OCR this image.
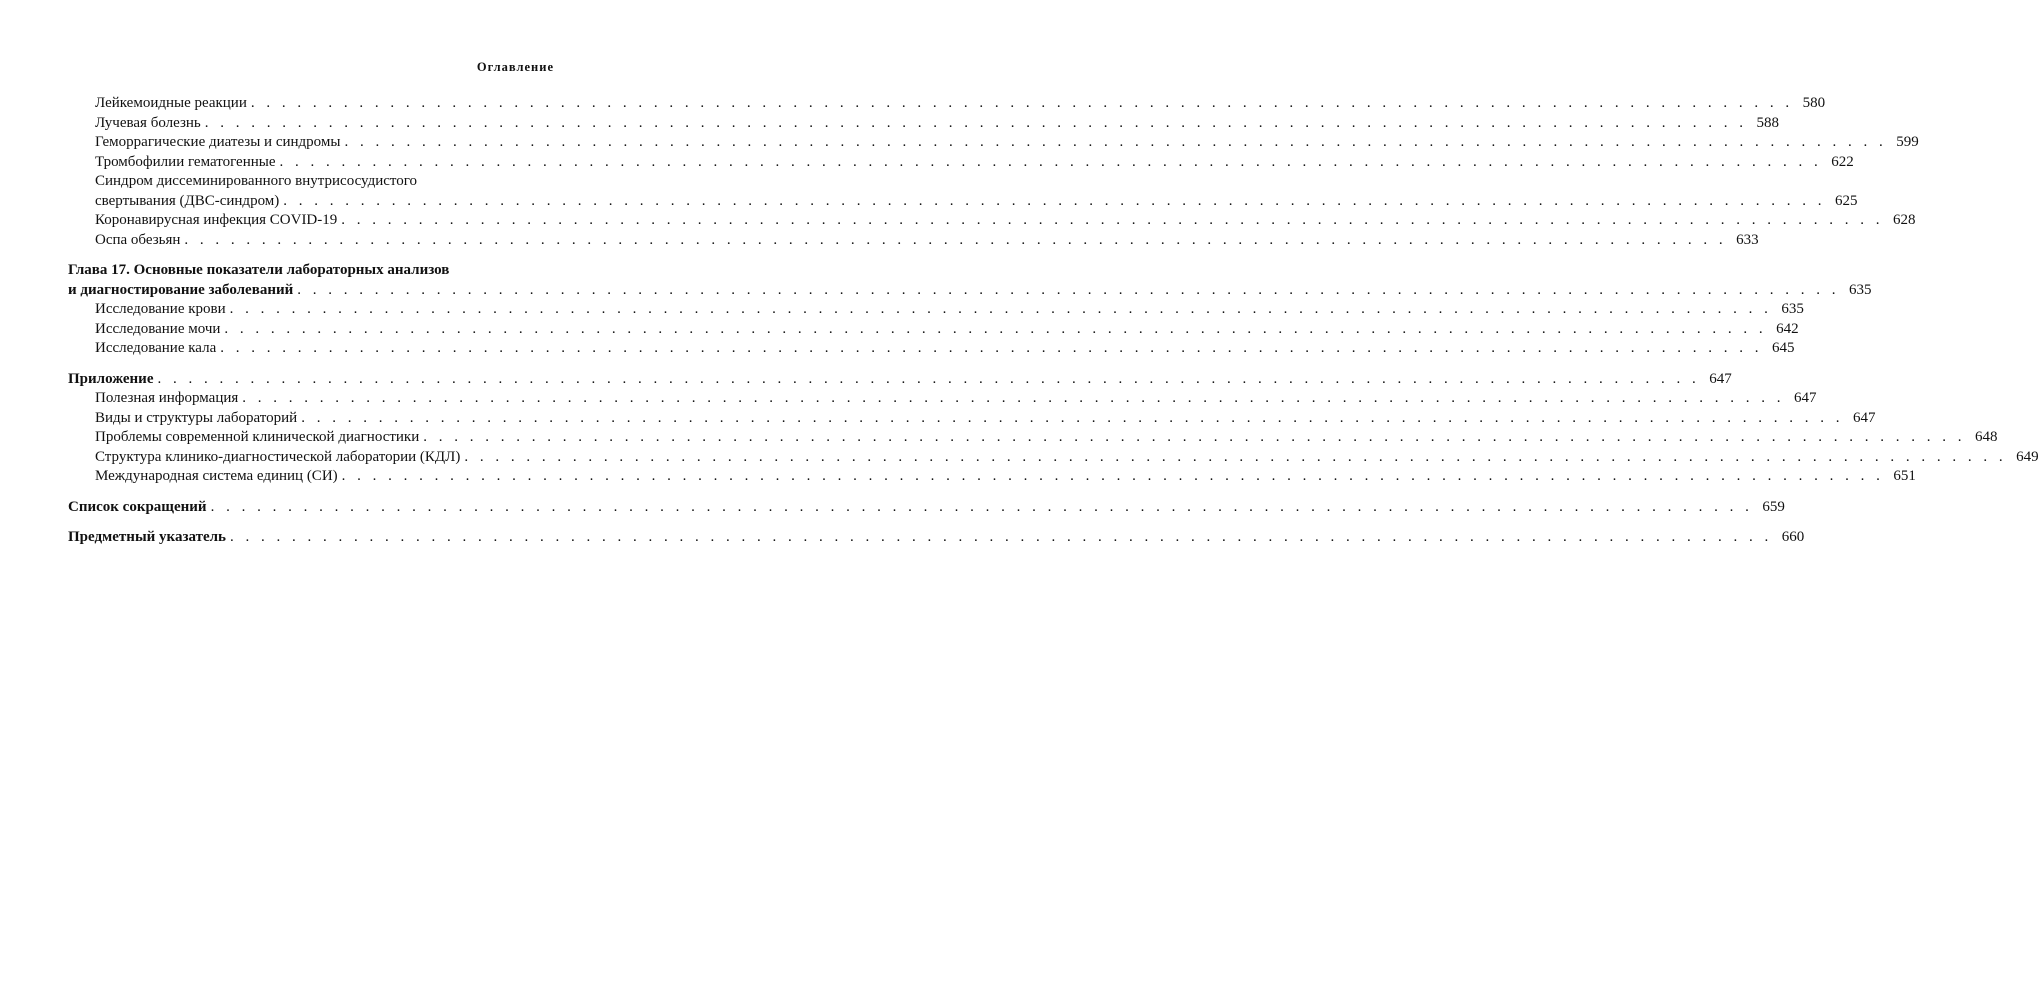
Оглавление
Лейкемоидные реакции . . .	580
Лучевая болезнь . . .	588
Геморрагические диатезы и синдромы . . .	599
Тромбофилии гематогенные . . .	622
Синдром диссеминированного внутрисосудистого
свертывания (ДВС-синдром) . . .	625
Коронавирусная инфекция COVID-19 . . .	628
Оспа обезьян . . .	633
Глава 17. Основные показатели лабораторных анализов
и диагностирование заболеваний . . .	635
Исследование крови . . .	635
Исследование мочи . . .	642
Исследование кала . . .	645
Приложение . . .	647
Полезная информация . . .	647
Виды и структуры лабораторий . . .	647
Проблемы современной клинической диагностики . . .	648
Структура клинико-диагностической лаборатории (КДЛ) . . .	649
Международная система единиц (СИ) . . .	651
Список сокращений . . .	659
Предметный указатель . . .	660
